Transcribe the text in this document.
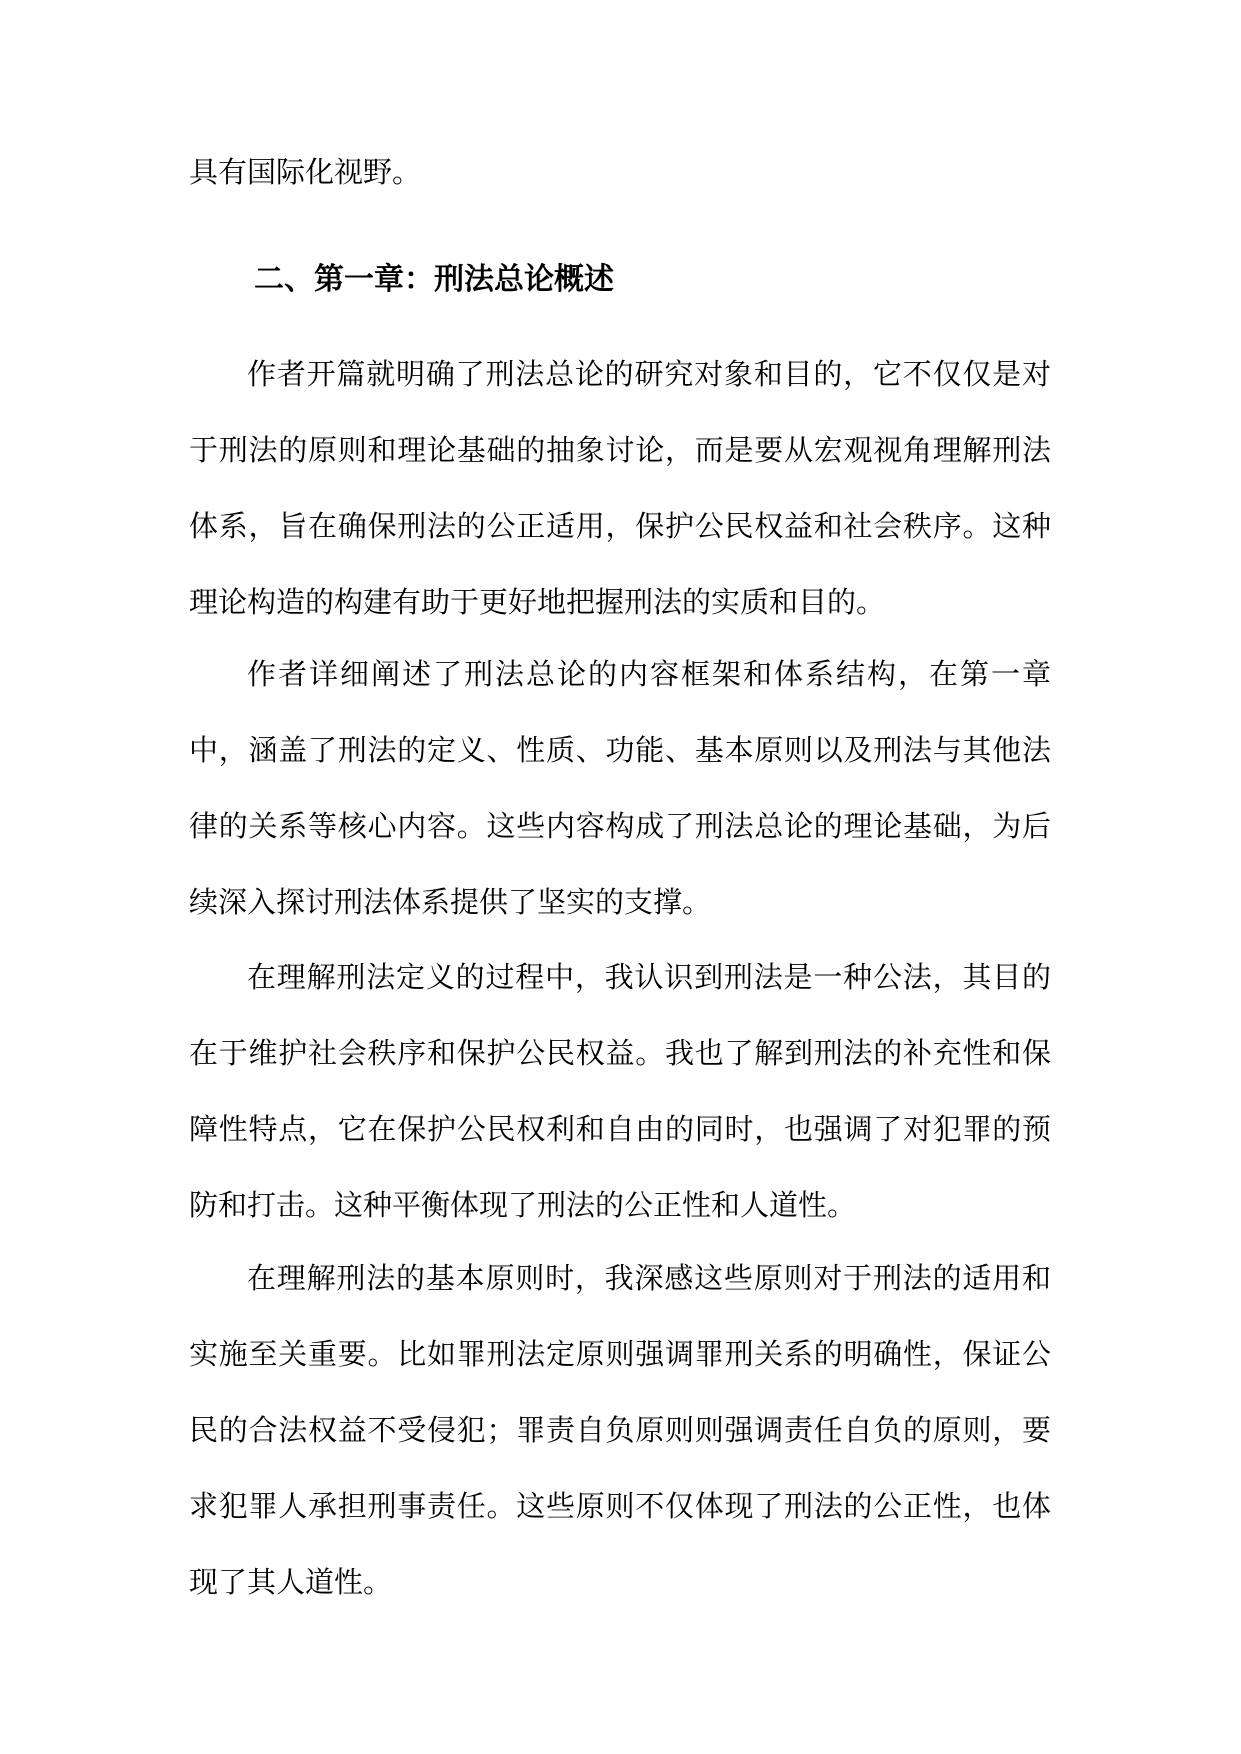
具有国际化视野。

二、第一章：刑法总论概述

作者开篇就明确了刑法总论的研究对象和目的，它不仅仅是对于刑法的原则和理论基础的抽象讨论，而是要从宏观视角理解刑法体系，旨在确保刑法的公正适用，保护公民权益和社会秩序。这种理论构造的构建有助于更好地把握刑法的实质和目的。

作者详细阐述了刑法总论的内容框架和体系结构，在第一章中，涵盖了刑法的定义、性质、功能、基本原则以及刑法与其他法律的关系等核心内容。这些内容构成了刑法总论的理论基础，为后续深入探讨刑法体系提供了坚实的支撑。

在理解刑法定义的过程中，我认识到刑法是一种公法，其目的在于维护社会秩序和保护公民权益。我也了解到刑法的补充性和保障性特点，它在保护公民权利和自由的同时，也强调了对犯罪的预防和打击。这种平衡体现了刑法的公正性和人道性。

在理解刑法的基本原则时，我深感这些原则对于刑法的适用和实施至关重要。比如罪刑法定原则强调罪刑关系的明确性，保证公民的合法权益不受侵犯；罪责自负原则则强调责任自负的原则，要求犯罪人承担刑事责任。这些原则不仅体现了刑法的公正性，也体现了其人道性。
